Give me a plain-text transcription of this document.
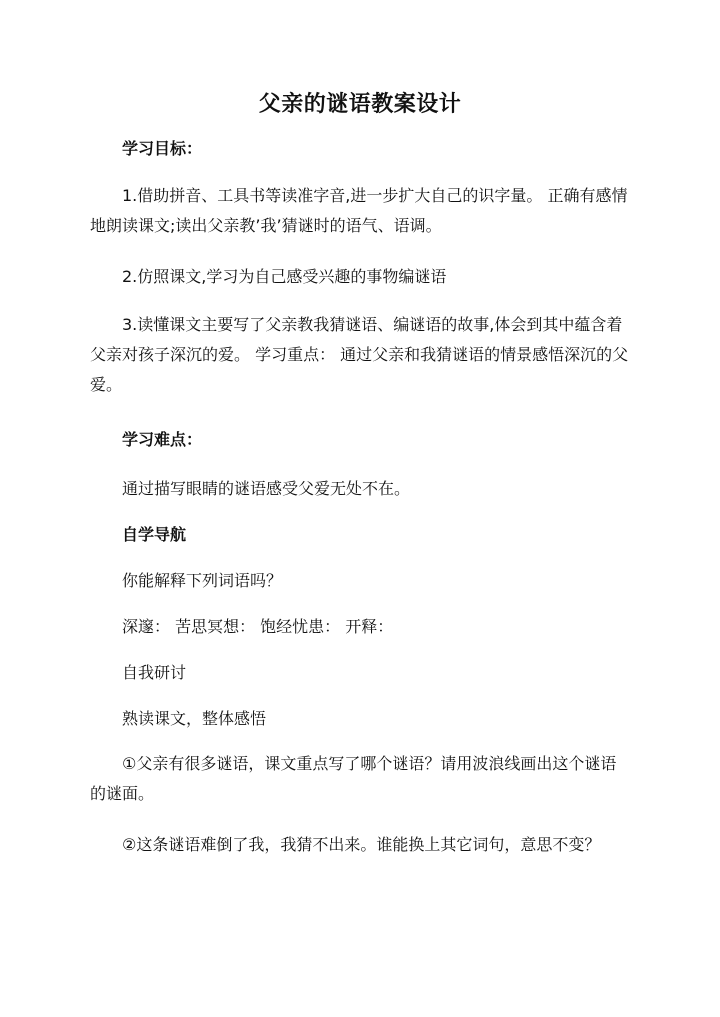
父亲的谜语教案设计

学习目标：

1.借助拼音、工具书等读准字音,进一步扩大自己的识字量。 正确有感情地朗读课文;读出父亲教’我’猜谜时的语气、语调。

2.仿照课文,学习为自己感受兴趣的事物编谜语

3.读懂课文主要写了父亲教我猜谜语、编谜语的故事,体会到其中蕴含着父亲对孩子深沉的爱。 学习重点： 通过父亲和我猜谜语的情景感悟深沉的父爱。

学习难点：

通过描写眼睛的谜语感受父爱无处不在。

自学导航

你能解释下列词语吗？

深邃： 苦思冥想： 饱经忧患： 开释：

自我研讨

熟读课文，整体感悟

①父亲有很多谜语，课文重点写了哪个谜语？请用波浪线画出这个谜语的谜面。

②这条谜语难倒了我，我猜不出来。谁能换上其它词句，意思不变？
